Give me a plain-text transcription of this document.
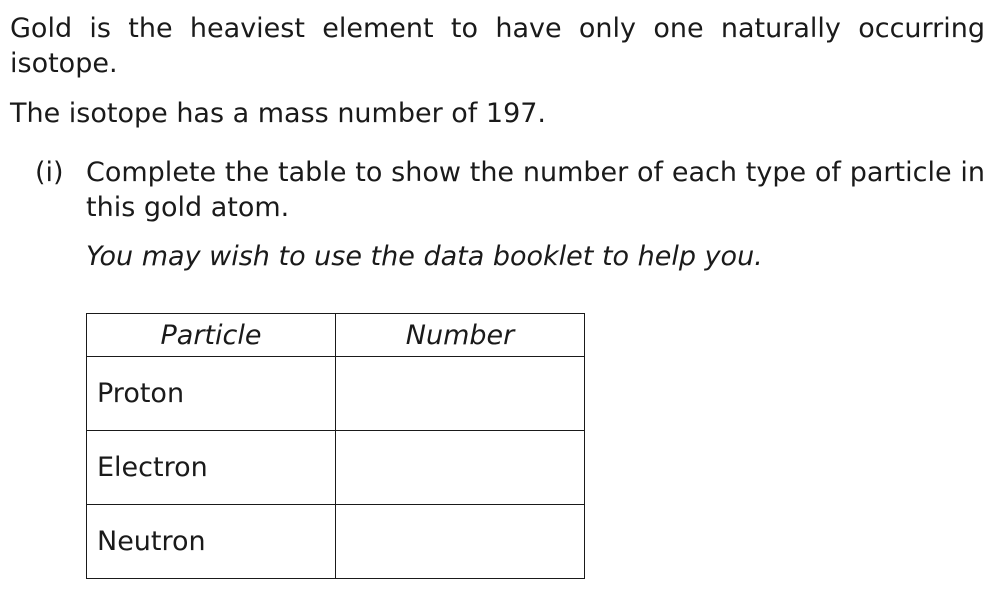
Gold is the heaviest element to have only one naturally occurring isotope.

The isotope has a mass number of 197.

(i) Complete the table to show the number of each type of particle in this gold atom.
You may wish to use the data booklet to help you.
Particle	Number
Proton	
Electron	
Neutron	
